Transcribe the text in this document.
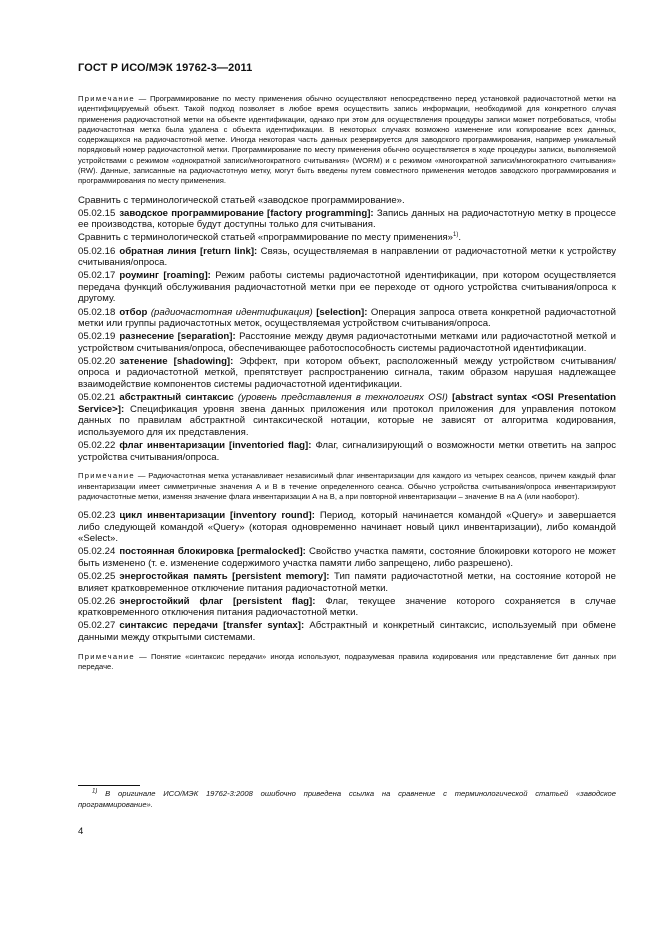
ГОСТ Р ИСО/МЭК 19762-3—2011

Примечание — Программирование по месту применения обычно осуществляют непосредственно перед установкой радиочастотной метки на идентифицируемый объект. Такой подход позволяет в любое время осуществить запись информации, необходимой для конкретного случая применения радиочастотной метки на объекте идентификации, однако при этом для осуществления процедуры записи может потребоваться, чтобы радиочастотная метка была удалена с объекта идентификации. В некоторых случаях возможно изменение или копирование всех данных, содержащихся на радиочастотной метке. Иногда некоторая часть данных резервируется для заводского программирования, например уникальный порядковый номер радиочастотной метки. Программирование по месту применения обычно осуществляется в ходе процедуры записи, выполняемой устройствами с режимом «однократной записи/многократного считывания» (WORM) и с режимом «многократной записи/многократного считывания» (RW). Данные, записанные на радиочастотную метку, могут быть введены путем совместного применения методов заводского программирования и программирования по месту применения.

Сравнить с терминологической статьей «заводское программирование».

05.02.15 заводское программирование [factory programming]: Запись данных на радиочастотную метку в процессе ее производства, которые будут доступны только для считывания.

Сравнить с терминологической статьей «программирование по месту применения»$^{1)}$.

05.02.16 обратная линия [return link]: Связь, осуществляемая в направлении от радиочастотной метки к устройству считывания/опроса.

05.02.17 роуминг [roaming]: Режим работы системы радиочастотной идентификации, при котором осуществляется передача функций обслуживания радиочастотной метки при ее переходе от одного устройства считывания/опроса к другому.

05.02.18 отбор (радиочастотная идентификация) [selection]: Операция запроса ответа конкретной радиочастотной метки или группы радиочастотных меток, осуществляемая устройством считывания/опроса.

05.02.19 разнесение [separation]: Расстояние между двумя радиочастотными метками или радиочастотной меткой и устройством считывания/опроса, обеспечивающее работоспособность системы радиочастотной идентификации.

05.02.20 затенение [shadowing]: Эффект, при котором объект, расположенный между устройством считывания/опроса и радиочастотной меткой, препятствует распространению сигнала, таким образом нарушая надлежащее взаимодействие компонентов системы радиочастотной идентификации.

05.02.21 абстрактный синтаксис (уровень представления в технологиях OSI) [abstract syntax <OSI Presentation Service>]: Спецификация уровня звена данных приложения или протокол приложения для управления потоком данных по правилам абстрактной синтаксической нотации, которые не зависят от алгоритма кодирования, используемого для их представления.

05.02.22 флаг инвентаризации [inventoried flag]: Флаг, сигнализирующий о возможности метки ответить на запрос устройства считывания/опроса.

Примечание — Радиочастотная метка устанавливает независимый флаг инвентаризации для каждого из четырех сеансов, причем каждый флаг инвентаризации имеет симметричные значения А и В в течение определенного сеанса. Обычно устройства считывания/опроса инвентаризируют радиочастотные метки, изменяя значение флага инвентаризации А на В, а при повторной инвентаризации – значение В на А (или наоборот).

05.02.23 цикл инвентаризации [inventory round]: Период, который начинается командой «Query» и завершается либо следующей командой «Query» (которая одновременно начинает новый цикл инвентаризации), либо командой «Select».

05.02.24 постоянная блокировка [permalocked]: Свойство участка памяти, состояние блокировки которого не может быть изменено (т. е. изменение содержимого участка памяти либо запрещено, либо разрешено).

05.02.25 энергостойкая память [persistent memory]: Тип памяти радиочастотной метки, на состояние которой не влияет кратковременное отключение питания радиочастотной метки.

05.02.26 энергостойкий флаг [persistent flag]: Флаг, текущее значение которого сохраняется в случае кратковременного отключения питания радиочастотной метки.

05.02.27 синтаксис передачи [transfer syntax]: Абстрактный и конкретный синтаксис, используемый при обмене данными между открытыми системами.

Примечание — Понятие «синтаксис передачи» иногда используют, подразумевая правила кодирования или представление бит данных при передаче.

$^{1)}$ В оригинале ИСО/МЭК 19762-3:2008 ошибочно приведена ссылка на сравнение с терминологической статьей «заводское программирование».
4
